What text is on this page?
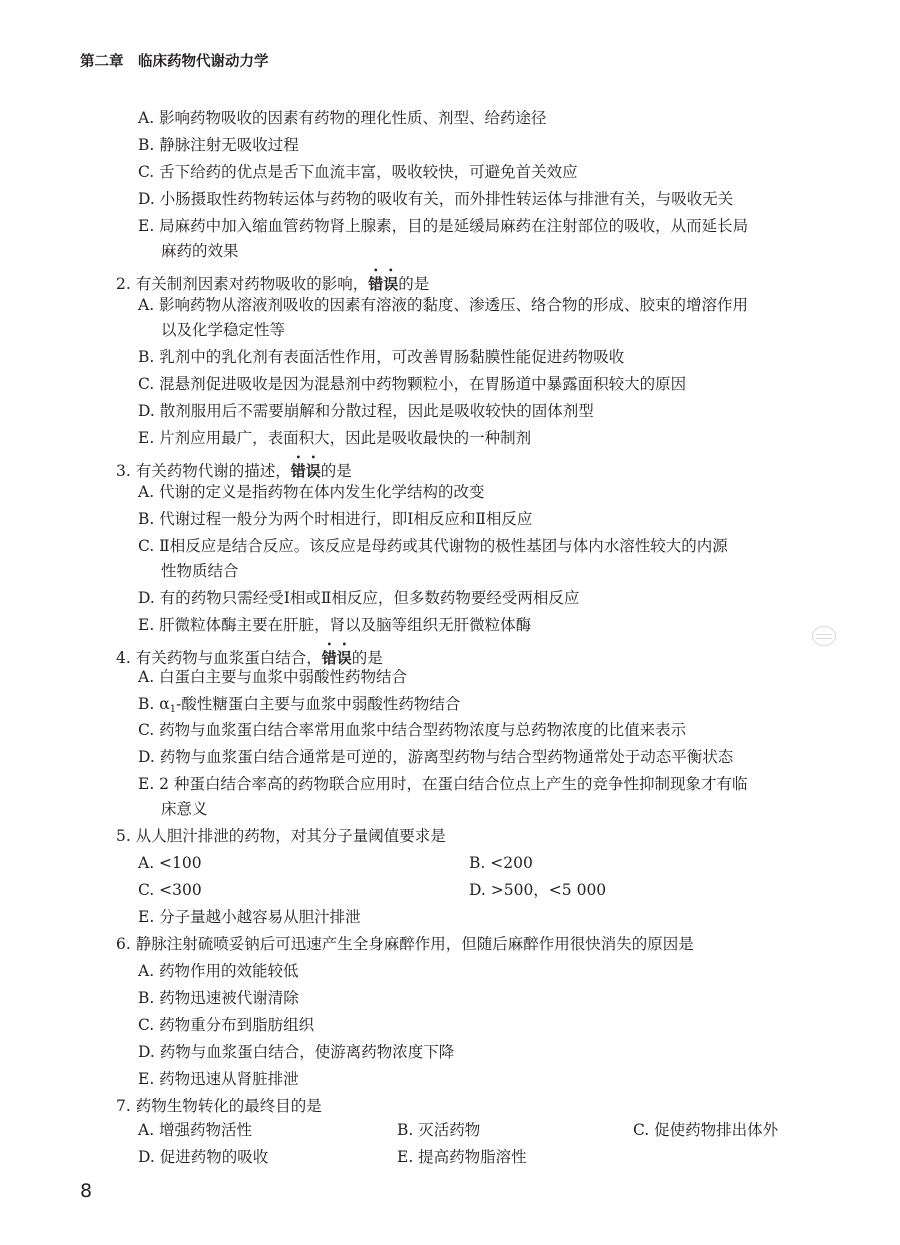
第二章　临床药物代谢动力学
A. 影响药物吸收的因素有药物的理化性质、剂型、给药途径
B. 静脉注射无吸收过程
C. 舌下给药的优点是舌下血流丰富，吸收较快，可避免首关效应
D. 小肠摄取性药物转运体与药物的吸收有关，而外排性转运体与排泄有关，与吸收无关
E. 局麻药中加入缩血管药物肾上腺素，目的是延缓局麻药在注射部位的吸收，从而延长局
麻药的效果
2. 有关制剂因素对药物吸收的影响，错误的是
A. 影响药物从溶液剂吸收的因素有溶液的黏度、渗透压、络合物的形成、胶束的增溶作用
以及化学稳定性等
B. 乳剂中的乳化剂有表面活性作用，可改善胃肠黏膜性能促进药物吸收
C. 混悬剂促进吸收是因为混悬剂中药物颗粒小，在胃肠道中暴露面积较大的原因
D. 散剂服用后不需要崩解和分散过程，因此是吸收较快的固体剂型
E. 片剂应用最广，表面积大，因此是吸收最快的一种制剂
3. 有关药物代谢的描述，错误的是
A. 代谢的定义是指药物在体内发生化学结构的改变
B. 代谢过程一般分为两个时相进行，即Ⅰ相反应和Ⅱ相反应
C. Ⅱ相反应是结合反应。该反应是母药或其代谢物的极性基团与体内水溶性较大的内源
性物质结合
D. 有的药物只需经受Ⅰ相或Ⅱ相反应，但多数药物要经受两相反应
E. 肝微粒体酶主要在肝脏，肾以及脑等组织无肝微粒体酶
4. 有关药物与血浆蛋白结合，错误的是
A. 白蛋白主要与血浆中弱酸性药物结合
B. $\alpha_1-$酸性糖蛋白主要与血浆中弱酸性药物结合
C. 药物与血浆蛋白结合率常用血浆中结合型药物浓度与总药物浓度的比值来表示
D. 药物与血浆蛋白结合通常是可逆的，游离型药物与结合型药物通常处于动态平衡状态
E. 2 种蛋白结合率高的药物联合应用时，在蛋白结合位点上产生的竞争性抑制现象才有临
床意义
5. 从人胆汁排泄的药物，对其分子量阈值要求是
A. <100	B. <200
C. <300	D. >500，<5 000
E. 分子量越小越容易从胆汁排泄
6. 静脉注射硫喷妥钠后可迅速产生全身麻醉作用，但随后麻醉作用很快消失的原因是
A. 药物作用的效能较低
B. 药物迅速被代谢清除
C. 药物重分布到脂肪组织
D. 药物与血浆蛋白结合，使游离药物浓度下降
E. 药物迅速从肾脏排泄
7. 药物生物转化的最终目的是
A. 增强药物活性	B. 灭活药物	C. 促使药物排出体外
D. 促进药物的吸收	E. 提高药物脂溶性
8
